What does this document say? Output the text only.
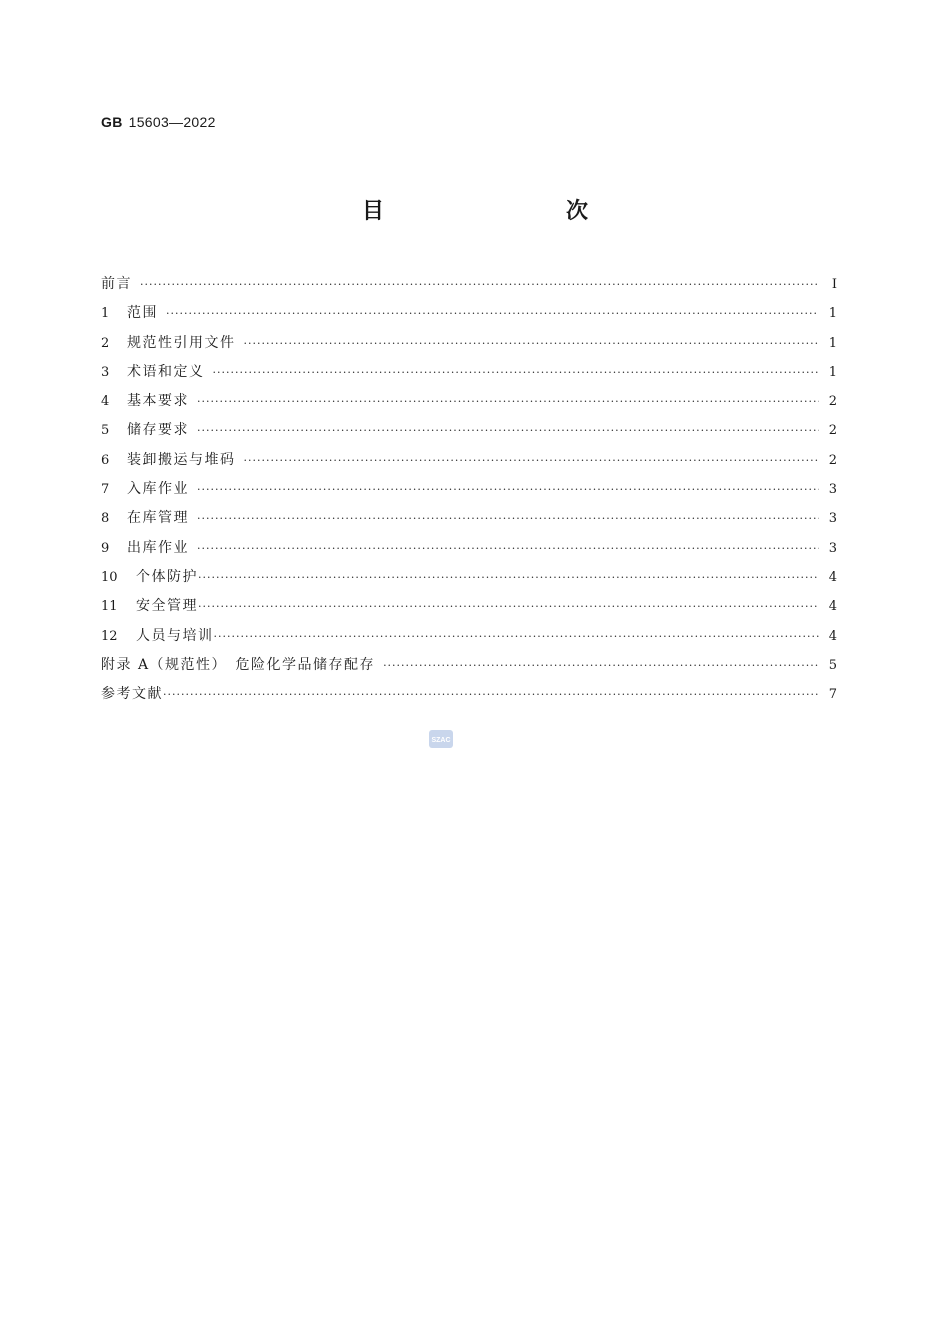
GB 15603—2022
目　　次
前言 ·····	Ⅰ
1	范围 ·····	1
2	规范性引用文件 ·····	1
3	术语和定义 ·····	1
4	基本要求 ·····	2
5	储存要求 ·····	2
6	装卸搬运与堆码 ·····	2
7	入库作业 ·····	3
8	在库管理 ·····	3
9	出库作业 ·····	3
10	个体防护 ·····	4
11	安全管理 ·····	4
12	人员与培训 ·····	4
附录 A（规范性）　危险化学品储存配存 ·····	5
参考文献 ·····	7
SZAC
